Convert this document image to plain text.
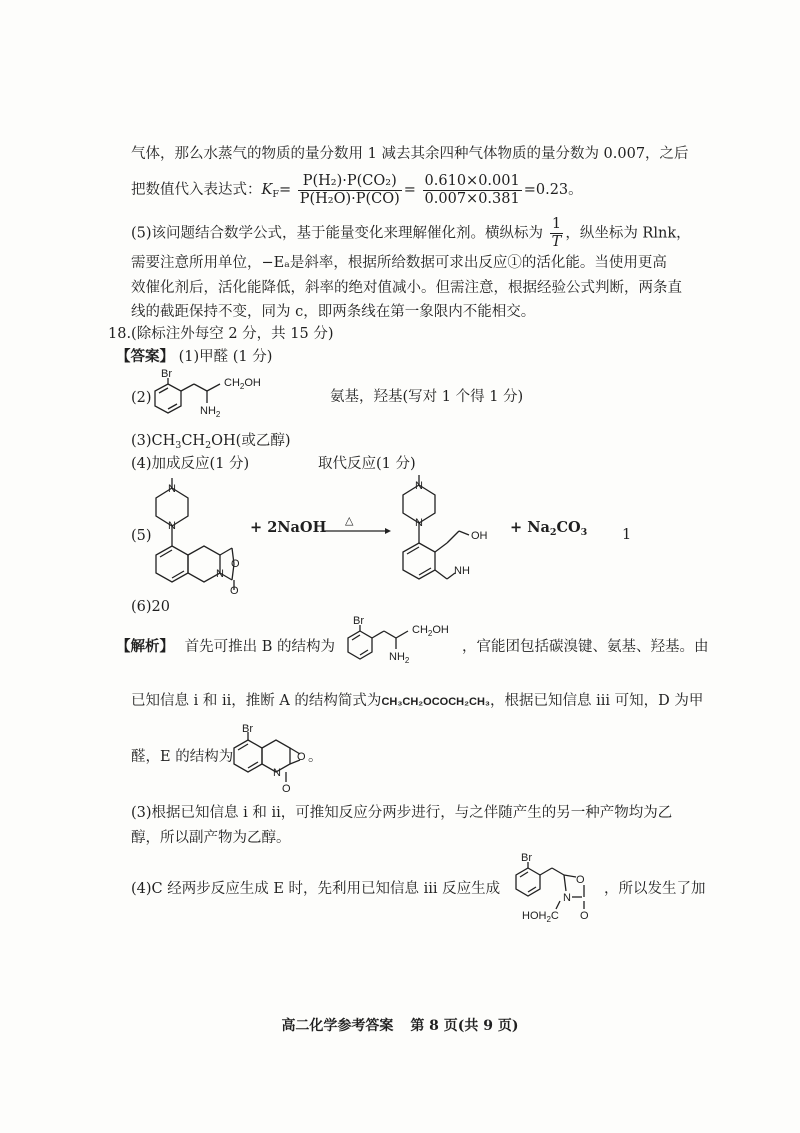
气体，那么水蒸气的物质的量分数用 1 减去其余四种气体物质的量分数为 0.007，之后
把数值代入表达式：$K_F= \frac{\text{P(H₂)·P(CO₂)}}{\text{P(H₂O)·P(CO)}} = \frac{0.610\times 0.001}{0.007\times 0.381} =0.23$。
(5)该问题结合数学公式，基于能量变化来理解催化剂。横纵标为 $\frac{1}{T}$ ，纵坐标为 Rlnk，
需要注意所用单位，−Eₐ是斜率，根据所给数据可求出反应①的活化能。当使用更高
效催化剂后，活化能降低，斜率的绝对值减小。但需注意，根据经验公式判断，两条直
线的截距保持不变，同为 c，即两条线在第一象限内不能相交。
18.(除标注外每空 2 分，共 15 分)
【答案】 (1)甲醛 (1 分)
(2)
Br
$CH_2OH$
$NH_2$
氨基，羟基(写对 1 个得 1 分)
$(3)CH_3CH_2OH$(或乙醇)
(4)加成反应(1 分)	取代反应(1 分)
(5)
N
N
O
N
O
+ 2NaOH △
N
N
OH
NH
+ $Na_2CO_3$ 1
(6)20
【解析】 首先可推出 B 的结构为
Br
$CH_2OH$
$NH_2$
，官能团包括碳溴键、氨基、羟基。由
已知信息 i 和 ii，推断 A 的结构简式为CH₃CH₂OCOCH₂CH₃，根据已知信息 iii 可知，D 为甲
醛，E 的结构为
Br
O
N
O
。
(3)根据已知信息 i 和 ii，可推知反应分两步进行，与之伴随产生的另一种产物均为乙
醇，所以副产物为乙醇。
(4)C 经两步反应生成 E 时，先利用已知信息 iii 反应生成
Br
O
N
O
$HOH_2C$
，所以发生了加
高二化学参考答案 第 8 页(共 9 页)
